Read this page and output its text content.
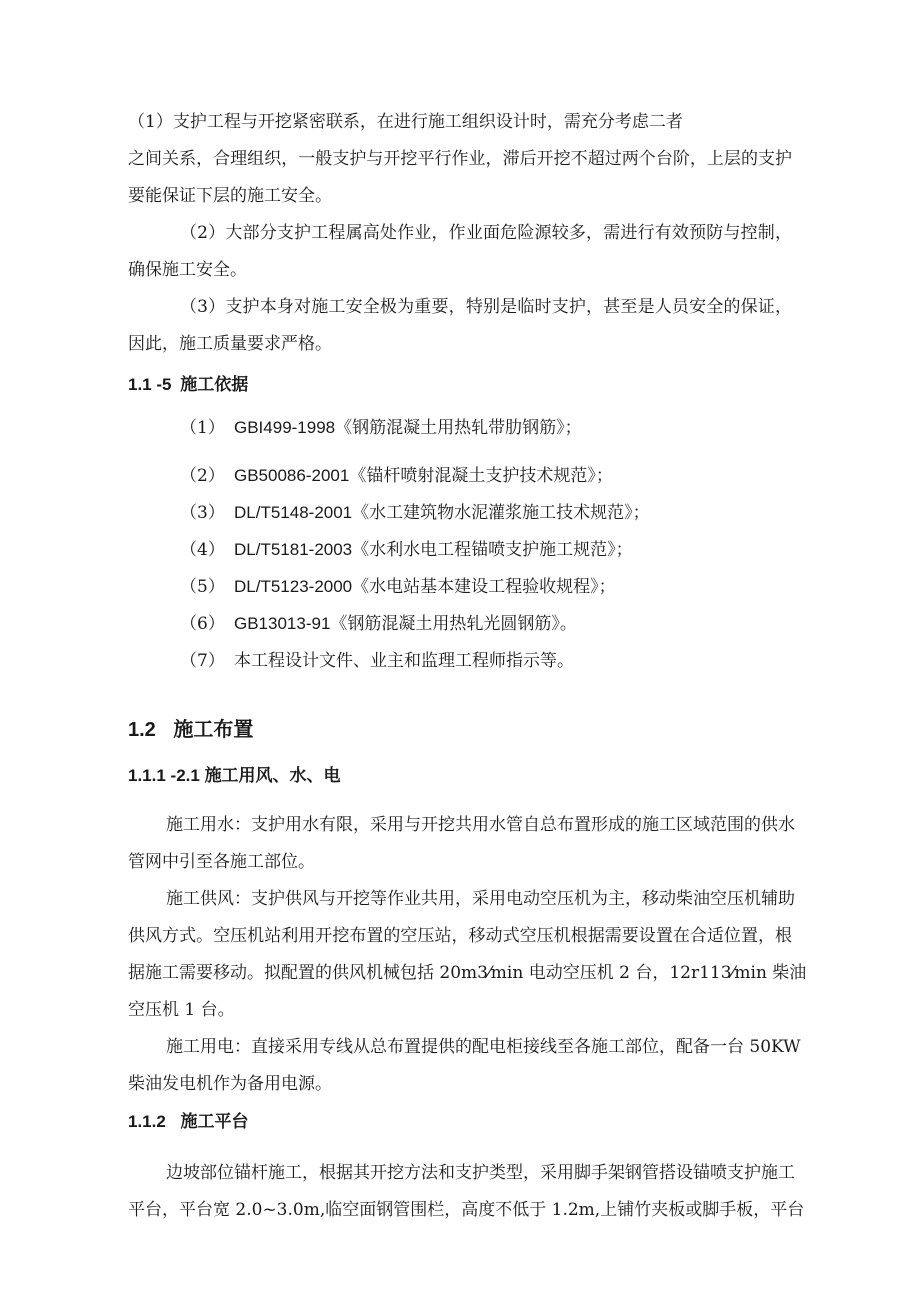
（1）支护工程与开挖紧密联系，在进行施工组织设计时，需充分考虑二者
之间关系，合理组织，一般支护与开挖平行作业，滞后开挖不超过两个台阶，上层的支护
要能保证下层的施工安全。
（2）大部分支护工程属高处作业，作业面危险源较多，需进行有效预防与控制，
确保施工安全。
（3）支护本身对施工安全极为重要，特别是临时支护，甚至是人员安全的保证，
因此，施工质量要求严格。
1.1 -5 施工依据
（1） GBI499-1998《钢筋混凝土用热轧带肋钢筋》；
（2） GB50086-2001《锚杆喷射混凝土支护技术规范》；
（3） DL/T5148-2001《水工建筑物水泥灌浆施工技术规范》；
（4） DL/T5181-2003《水利水电工程锚喷支护施工规范》；
（5） DL/T5123-2000《水电站基本建设工程验收规程》；
（6） GB13013-91《钢筋混凝土用热轧光圆钢筋》。
（7） 本工程设计文件、业主和监理工程师指示等。
1.2 施工布置
1.1.1 -2.1 施工用风、水、电
施工用水：支护用水有限，采用与开挖共用水管自总布置形成的施工区域范围的供水
管网中引至各施工部位。
施工供风：支护供风与开挖等作业共用，采用电动空压机为主，移动柴油空压机辅助
供风方式。空压机站利用开挖布置的空压站，移动式空压机根据需要设置在合适位置，根
据施工需要移动。拟配置的供风机械包括 20m3⁄min 电动空压机 2 台，12r113⁄min 柴油
空压机 1 台。
施工用电：直接采用专线从总布置提供的配电柜接线至各施工部位，配备一台 50KW
柴油发电机作为备用电源。
1.1.2 施工平台
边坡部位锚杆施工，根据其开挖方法和支护类型，采用脚手架钢管搭设锚喷支护施工
平台，平台宽 2.0~3.0m,临空面钢管围栏，高度不低于 1.2m,上铺竹夹板或脚手板，平台
